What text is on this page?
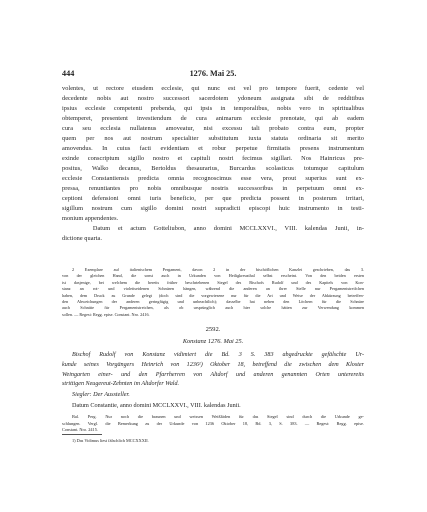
444	1276. Mai 25.
volentes, ut rectore eiusdem ecclesie, qui nunc est vel pro tempore fuerit, cedente vel
decedente nobis aut nostro successori sacerdotem ydoneum assignata sibi de redditibus
ipsius ecclesie competenti prebenda, qui ipsis in temporalibus, nobis vero in spiritualibus
obtemperet, presentent investiendum de cura animarum ecclesie prenotate, qui ab eadem
cura seu ecclesia nullatenus amoveatur, nisi excessu tali probato contra eum, propter
quem per nos aut nostrum specialiter substitutum iuxta statuta ordinaria sit merito
amovendus. In cuius facti evidentiam et robur perpetue firmitatis presens instrumentum
exinde conscriptum sigillo nostro et capituli nostri fecimus sigillari. Nos Hainricus pre-
positus, Walko decanus, Bertoldus thesaurarius, Burcardus scolasticus totumque capitulum
ecclesie Constantiensis predicta omnia recognoscimus esse vera, prout superius sunt ex-
pressa, renuntiantes pro nobis omnibusque nostris successoribus in perpetuum omni ex-
ceptioni defensioni omni iuris beneficio, per que predicta possent in posterum irritari,
sigillum nostrum cum sigillo domini nostri supradicti episcopi huic instrumento in testi-
monium appendentes.
Datum et actum Gotteliubon, anno domini MCCLXXVI., VIII. kalendas Junii, in-
dictione quarta.
2 Exemplare auf italienischem Pergament, davon 2 in der bischöflichen Kanzlei geschrieben, das 3.
von der gleichen Hand, die sonst auch in Urkunden von Heiligkreuzthal selbst erscheint. Von den beiden ersten
ist dasjenige, bei welchem die bereits früher beschriebenen Siegel des Bischofs Rudolf und des Kapitels von Kon-
stanz an rot- und violettseidenen Schnüren hängen, während die anderen an ihrer Stelle nur Pergamentstreifchen
haben, dem Druck zu Grunde gelegt (doch sind die vorgewiesene nur für die Art und Weise der Abkürzung betreffen-
den Abweichungen der anderen geringfügig und unbeachtlich); dasselbe hat neben den Löchern für die Schnüre
auch Schnitte für Pergamentstreichen, als ob ursprünglich auch hier solche hätten zur Verwendung kommen
sollen. — Regest: Regg. epise. Constant. Nro. 2416.
2592.
Konstanz 1276. Mai 25.
Bischof Rudolf von Konstanz vidimiert die Bd. 3 S. 383 abgedruckte gefälschte Ur-
kunde seines Vorgängers Heinrich von 1236¹) Oktober 18, betreffend die zwischen dem Kloster
Weingarten einer- und den Pfarrherren von Altdorf und anderen genannten Orten unterereits
strittigen Neugereut-Zehnten im Altdorfer Wald.
Siegler: Der Aussteller.
Datum Constantie, anno domini MCCLXXVI., VIII. kalendas Junii.
Bal. Perg. Nur noch die braunen und weissen Weißfäden für das Siegel sind durch die Urkunde ge-
schlungen. Vergl. die Bemerkung zu der Urkunde von 1236 Oktober 18, Bd. 3, S. 383. — Regest: Regg. epise.
Constant. Nro. 2415.
1) Das Vidimus liest fälschlich MCCXXXII.
